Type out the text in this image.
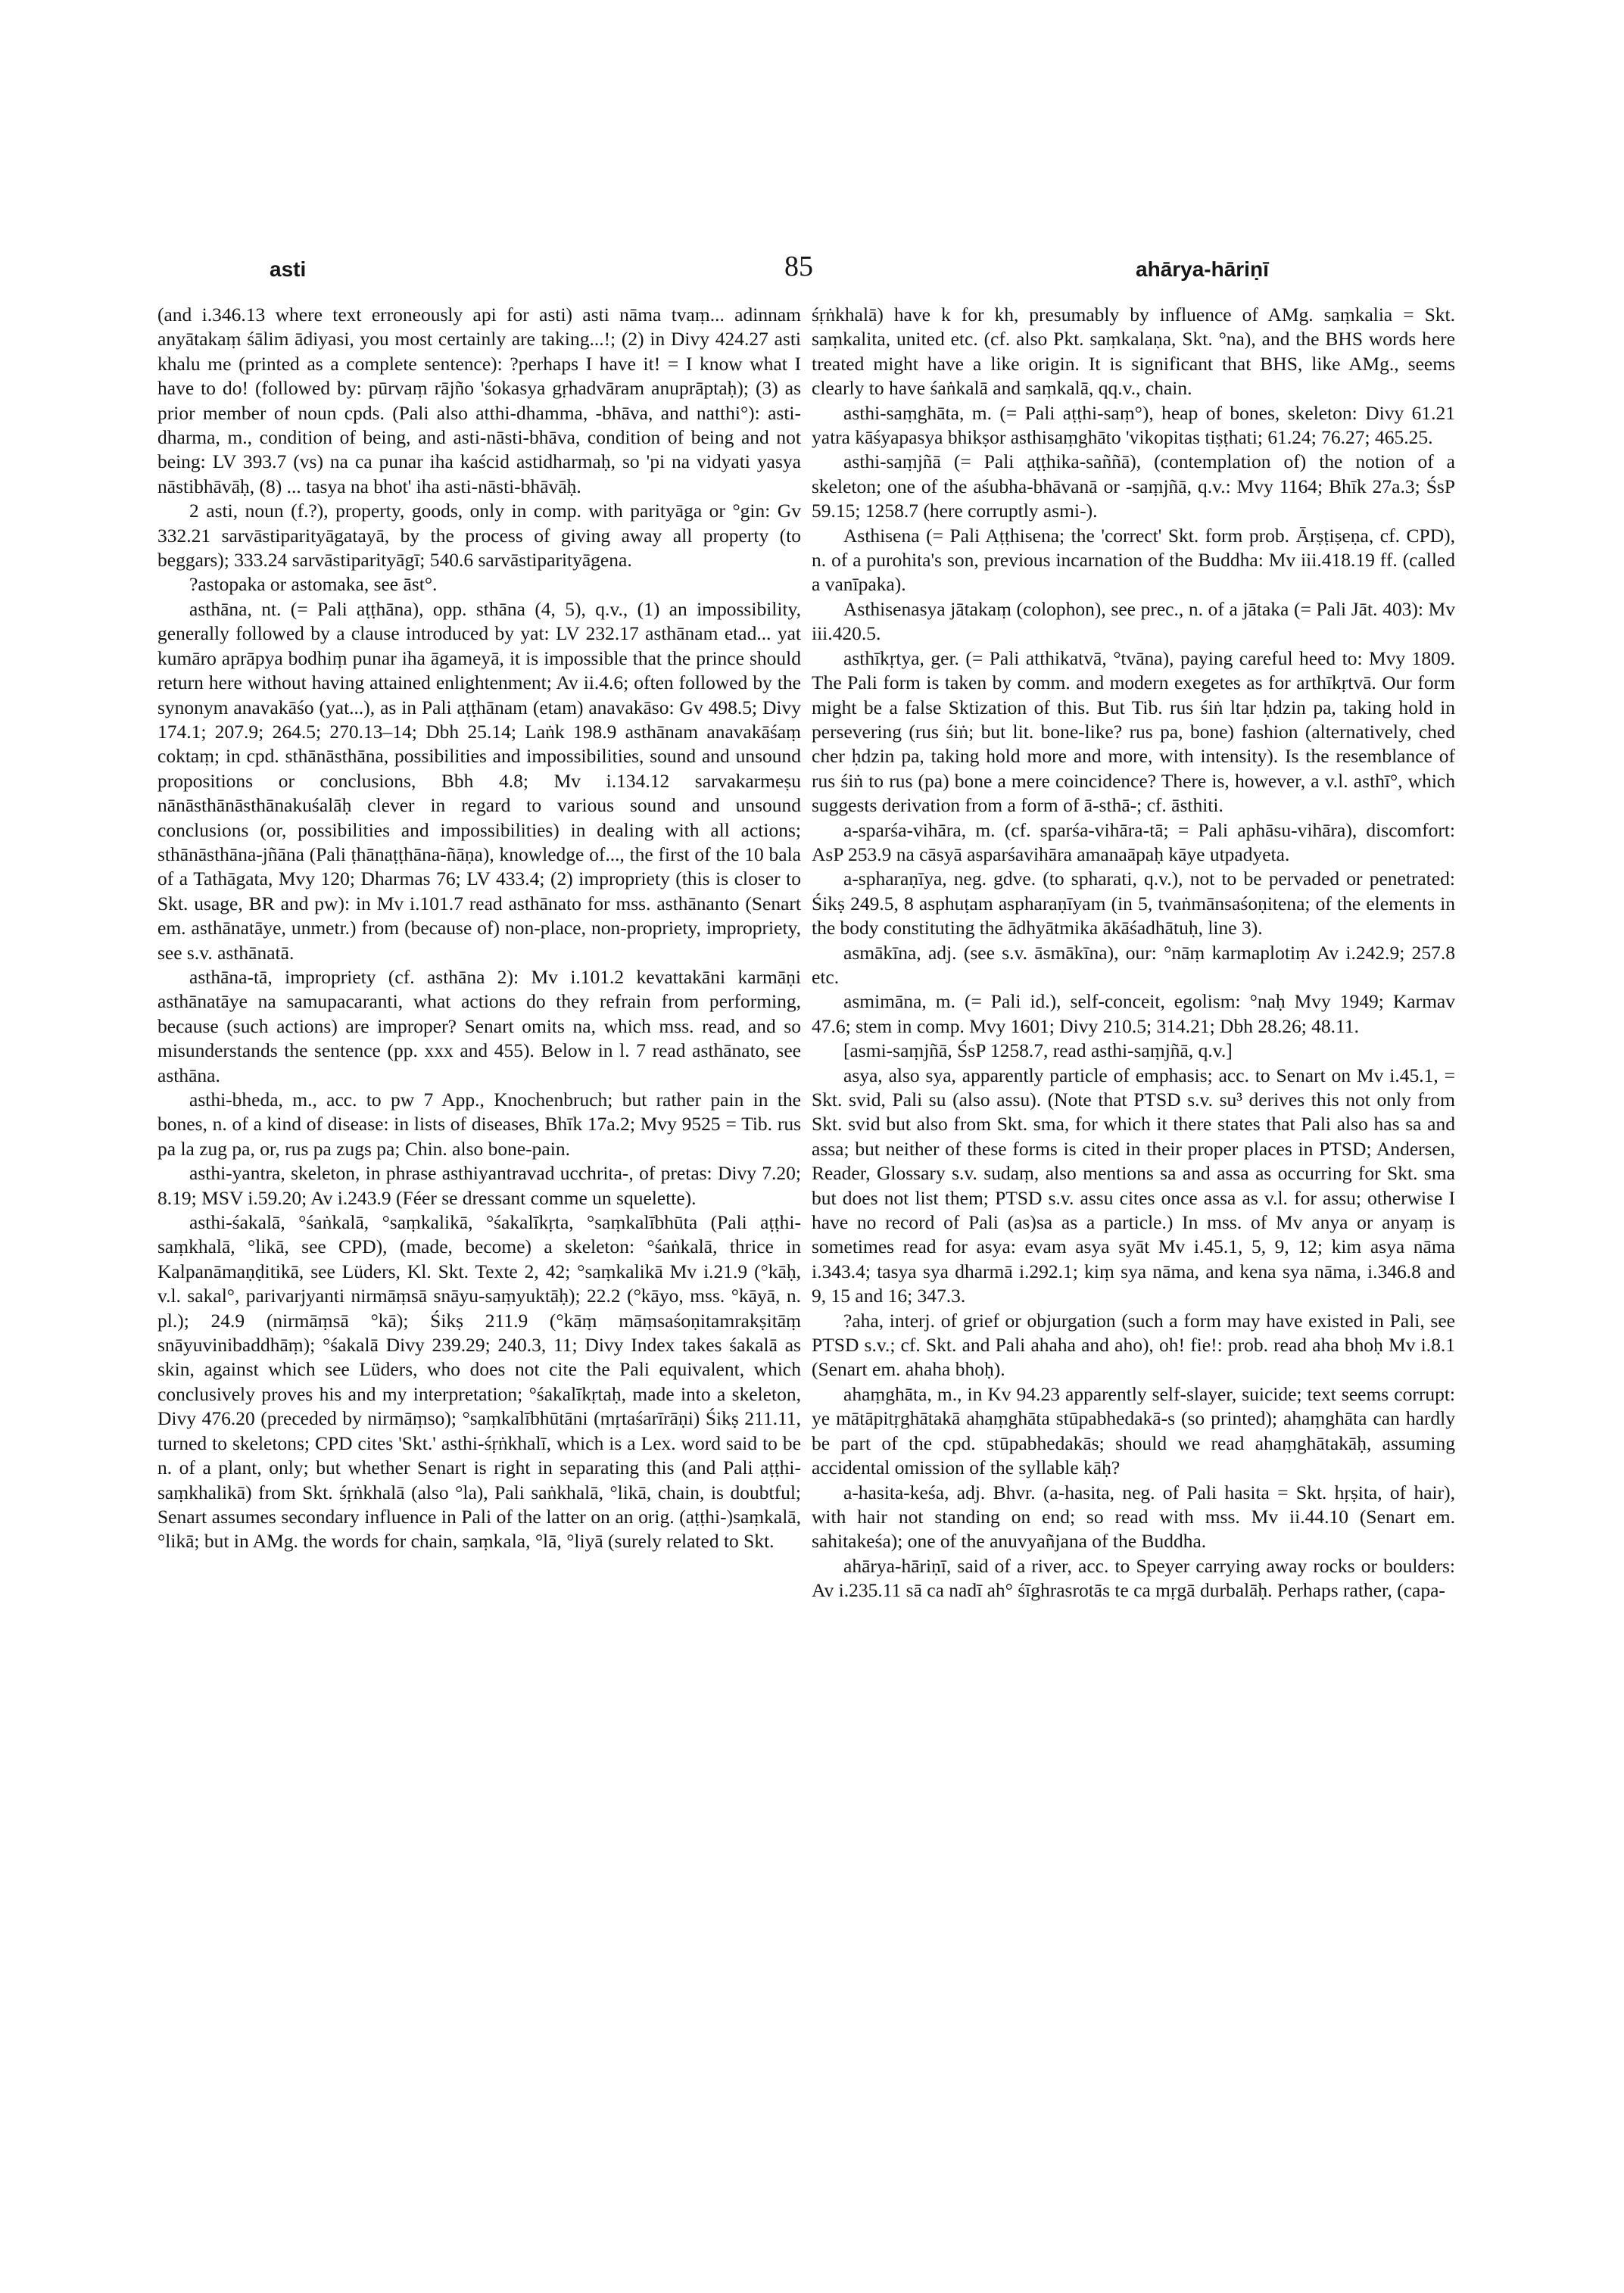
asti	85	ahārya-hāriṇī

(and i.346.13 where text erroneously api for asti) asti nāma tvaṃ... adinnam anyātakaṃ śālim ādiyasi, you most certainly are taking...!; (2) in Divy 424.27 asti khalu me (printed as a complete sentence): ?perhaps I have it! = I know what I have to do! (followed by: pūrvaṃ rājño 'śokasya gṛhadvāram anuprāptaḥ); (3) as prior member of noun cpds. (Pali also atthi-dhamma, -bhāva, and natthi°): asti-dharma, m., condition of being, and asti-nāsti-bhāva, condition of being and not being: LV 393.7 (vs) na ca punar iha kaścid astidharmaḥ, so 'pi na vidyati yasya nāstibhāvāḥ, (8) ... tasya na bhot' iha asti-nāsti-bhāvāḥ.

2 asti, noun (f.?), property, goods, only in comp. with parityāga or °gin: Gv 332.21 sarvāstiparityāgatayā, by the process of giving away all property (to beggars); 333.24 sarvāstiparityāgī; 540.6 sarvāstiparityāgena.

?astopaka or astomaka, see āst°.

asthāna, nt. (= Pali aṭṭhāna), opp. sthāna (4, 5), q.v., (1) an impossibility, generally followed by a clause introduced by yat: LV 232.17 asthānam etad... yat kumāro aprāpya bodhiṃ punar iha āgameyā, it is impossible that the prince should return here without having attained enlightenment; Av ii.4.6; often followed by the synonym anavakāśo (yat...), as in Pali aṭṭhānam (etam) anavakāso: Gv 498.5; Divy 174.1; 207.9; 264.5; 270.13–14; Dbh 25.14; Laṅk 198.9 asthānam anavakāśaṃ coktaṃ; in cpd. sthānāsthāna, possibilities and impossibilities, sound and unsound propositions or conclusions, Bbh 4.8; Mv i.134.12 sarvakarmeṣu nānāsthānāsthānakuśalāḥ clever in regard to various sound and unsound conclusions (or, possibilities and impossibilities) in dealing with all actions; sthānāsthāna-jñāna (Pali ṭhānaṭṭhāna-ñāṇa), knowledge of..., the first of the 10 bala of a Tathāgata, Mvy 120; Dharmas 76; LV 433.4; (2) impropriety (this is closer to Skt. usage, BR and pw): in Mv i.101.7 read asthānato for mss. asthānanto (Senart em. asthānatāye, unmetr.) from (because of) non-place, non-propriety, impropriety, see s.v. asthānatā.

asthāna-tā, impropriety (cf. asthāna 2): Mv i.101.2 kevattakāni karmāṇi asthānatāye na samupacaranti, what actions do they refrain from performing, because (such actions) are improper? Senart omits na, which mss. read, and so misunderstands the sentence (pp. xxx and 455). Below in l. 7 read asthānato, see asthāna.

asthi-bheda, m., acc. to pw 7 App., Knochenbruch; but rather pain in the bones, n. of a kind of disease: in lists of diseases, Bhīk 17a.2; Mvy 9525 = Tib. rus pa la zug pa, or, rus pa zugs pa; Chin. also bone-pain.

asthi-yantra, skeleton, in phrase asthiyantravad ucchrita-, of pretas: Divy 7.20; 8.19; MSV i.59.20; Av i.243.9 (Féer se dressant comme un squelette).

asthi-śakalā, °śaṅkalā, °saṃkalikā, °śakalīkṛta, °saṃkalībhūta (Pali aṭṭhi-saṃkhalā, °likā, see CPD), (made, become) a skeleton: °śaṅkalā, thrice in Kalpanāmaṇḍitikā, see Lüders, Kl. Skt. Texte 2, 42; °saṃkalikā Mv i.21.9 (°kāḥ, v.l. sakal°, parivarjyanti nirmāṃsā snāyu-saṃyuktāḥ); 22.2 (°kāyo, mss. °kāyā, n. pl.); 24.9 (nirmāṃsā °kā); Śikṣ 211.9 (°kāṃ māṃsaśoṇitamrakṣitāṃ snāyuvinibaddhāṃ); °śakalā Divy 239.29; 240.3, 11; Divy Index takes śakalā as skin, against which see Lüders, who does not cite the Pali equivalent, which conclusively proves his and my interpretation; °śakalīkṛtaḥ, made into a skeleton, Divy 476.20 (preceded by nirmāṃso); °saṃkalībhūtāni (mṛtaśarīrāṇi) Śikṣ 211.11, turned to skeletons; CPD cites 'Skt.' asthi-śṛṅkhalī, which is a Lex. word said to be n. of a plant, only; but whether Senart is right in separating this (and Pali aṭṭhi-saṃkhalikā) from Skt. śṛṅkhalā (also °la), Pali saṅkhalā, °likā, chain, is doubtful; Senart assumes secondary influence in Pali of the latter on an orig. (aṭṭhi-)saṃkalā, °likā; but in AMg. the words for chain, saṃkala, °lā, °liyā (surely related to Skt.

śṛṅkhalā) have k for kh, presumably by influence of AMg. saṃkalia = Skt. saṃkalita, united etc. (cf. also Pkt. saṃkalaṇa, Skt. °na), and the BHS words here treated might have a like origin. It is significant that BHS, like AMg., seems clearly to have śaṅkalā and saṃkalā, qq.v., chain.

asthi-saṃghāta, m. (= Pali aṭṭhi-saṃ°), heap of bones, skeleton: Divy 61.21 yatra kāśyapasya bhikṣor asthisaṃghāto 'vikopitas tiṣṭhati; 61.24; 76.27; 465.25.

asthi-saṃjñā (= Pali aṭṭhika-saññā), (contemplation of) the notion of a skeleton; one of the aśubha-bhāvanā or -saṃjñā, q.v.: Mvy 1164; Bhīk 27a.3; ŚsP 59.15; 1258.7 (here corruptly asmi-).

Asthisena (= Pali Aṭṭhisena; the 'correct' Skt. form prob. Ārṣṭiṣeṇa, cf. CPD), n. of a purohita's son, previous incarnation of the Buddha: Mv iii.418.19 ff. (called a vanīpaka).

Asthisenasya jātakaṃ (colophon), see prec., n. of a jātaka (= Pali Jāt. 403): Mv iii.420.5.

asthīkṛtya, ger. (= Pali atthikatvā, °tvāna), paying careful heed to: Mvy 1809. The Pali form is taken by comm. and modern exegetes as for arthīkṛtvā. Our form might be a false Sktization of this. But Tib. rus śiṅ ltar ḥdzin pa, taking hold in persevering (rus śiṅ; but lit. bone-like? rus pa, bone) fashion (alternatively, ched cher ḥdzin pa, taking hold more and more, with intensity). Is the resemblance of rus śiṅ to rus (pa) bone a mere coincidence? There is, however, a v.l. asthī°, which suggests derivation from a form of ā-sthā-; cf. āsthiti.

a-sparśa-vihāra, m. (cf. sparśa-vihāra-tā; = Pali aphāsu-vihāra), discomfort: AsP 253.9 na cāsyā asparśavihāra amanaāpaḥ kāye utpadyeta.

a-spharaṇīya, neg. gdve. (to spharati, q.v.), not to be pervaded or penetrated: Śikṣ 249.5, 8 asphuṭam aspharaṇīyam (in 5, tvaṅmānsaśoṇitena; of the elements in the body constituting the ādhyātmika ākāśadhātuḥ, line 3).

asmākīna, adj. (see s.v. āsmākīna), our: °nāṃ karmaplotiṃ Av i.242.9; 257.8 etc.

asmimāna, m. (= Pali id.), self-conceit, egolism: °naḥ Mvy 1949; Karmav 47.6; stem in comp. Mvy 1601; Divy 210.5; 314.21; Dbh 28.26; 48.11.

[asmi-saṃjñā, ŚsP 1258.7, read asthi-saṃjñā, q.v.]

asya, also sya, apparently particle of emphasis; acc. to Senart on Mv i.45.1, = Skt. svid, Pali su (also assu). (Note that PTSD s.v. su³ derives this not only from Skt. svid but also from Skt. sma, for which it there states that Pali also has sa and assa; but neither of these forms is cited in their proper places in PTSD; Andersen, Reader, Glossary s.v. sudaṃ, also mentions sa and assa as occurring for Skt. sma but does not list them; PTSD s.v. assu cites once assa as v.l. for assu; otherwise I have no record of Pali (as)sa as a particle.) In mss. of Mv anya or anyaṃ is sometimes read for asya: evam asya syāt Mv i.45.1, 5, 9, 12; kim asya nāma i.343.4; tasya sya dharmā i.292.1; kiṃ sya nāma, and kena sya nāma, i.346.8 and 9, 15 and 16; 347.3.

?aha, interj. of grief or objurgation (such a form may have existed in Pali, see PTSD s.v.; cf. Skt. and Pali ahaha and aho), oh! fie!: prob. read aha bhoḥ Mv i.8.1 (Senart em. ahaha bhoḥ).

ahaṃghāta, m., in Kv 94.23 apparently self-slayer, suicide; text seems corrupt: ye mātāpitṛghātakā ahaṃghāta stūpabhedakā-s (so printed); ahaṃghāta can hardly be part of the cpd. stūpabhedakās; should we read ahaṃghātakāḥ, assuming accidental omission of the syllable kāḥ?

a-hasita-keśa, adj. Bhvr. (a-hasita, neg. of Pali hasita = Skt. hṛṣita, of hair), with hair not standing on end; so read with mss. Mv ii.44.10 (Senart em. sahitakeśa); one of the anuvyañjana of the Buddha.

ahārya-hāriṇī, said of a river, acc. to Speyer carrying away rocks or boulders: Av i.235.11 sā ca nadī ah° śīghrasrotās te ca mṛgā durbalāḥ. Perhaps rather, (capa-
